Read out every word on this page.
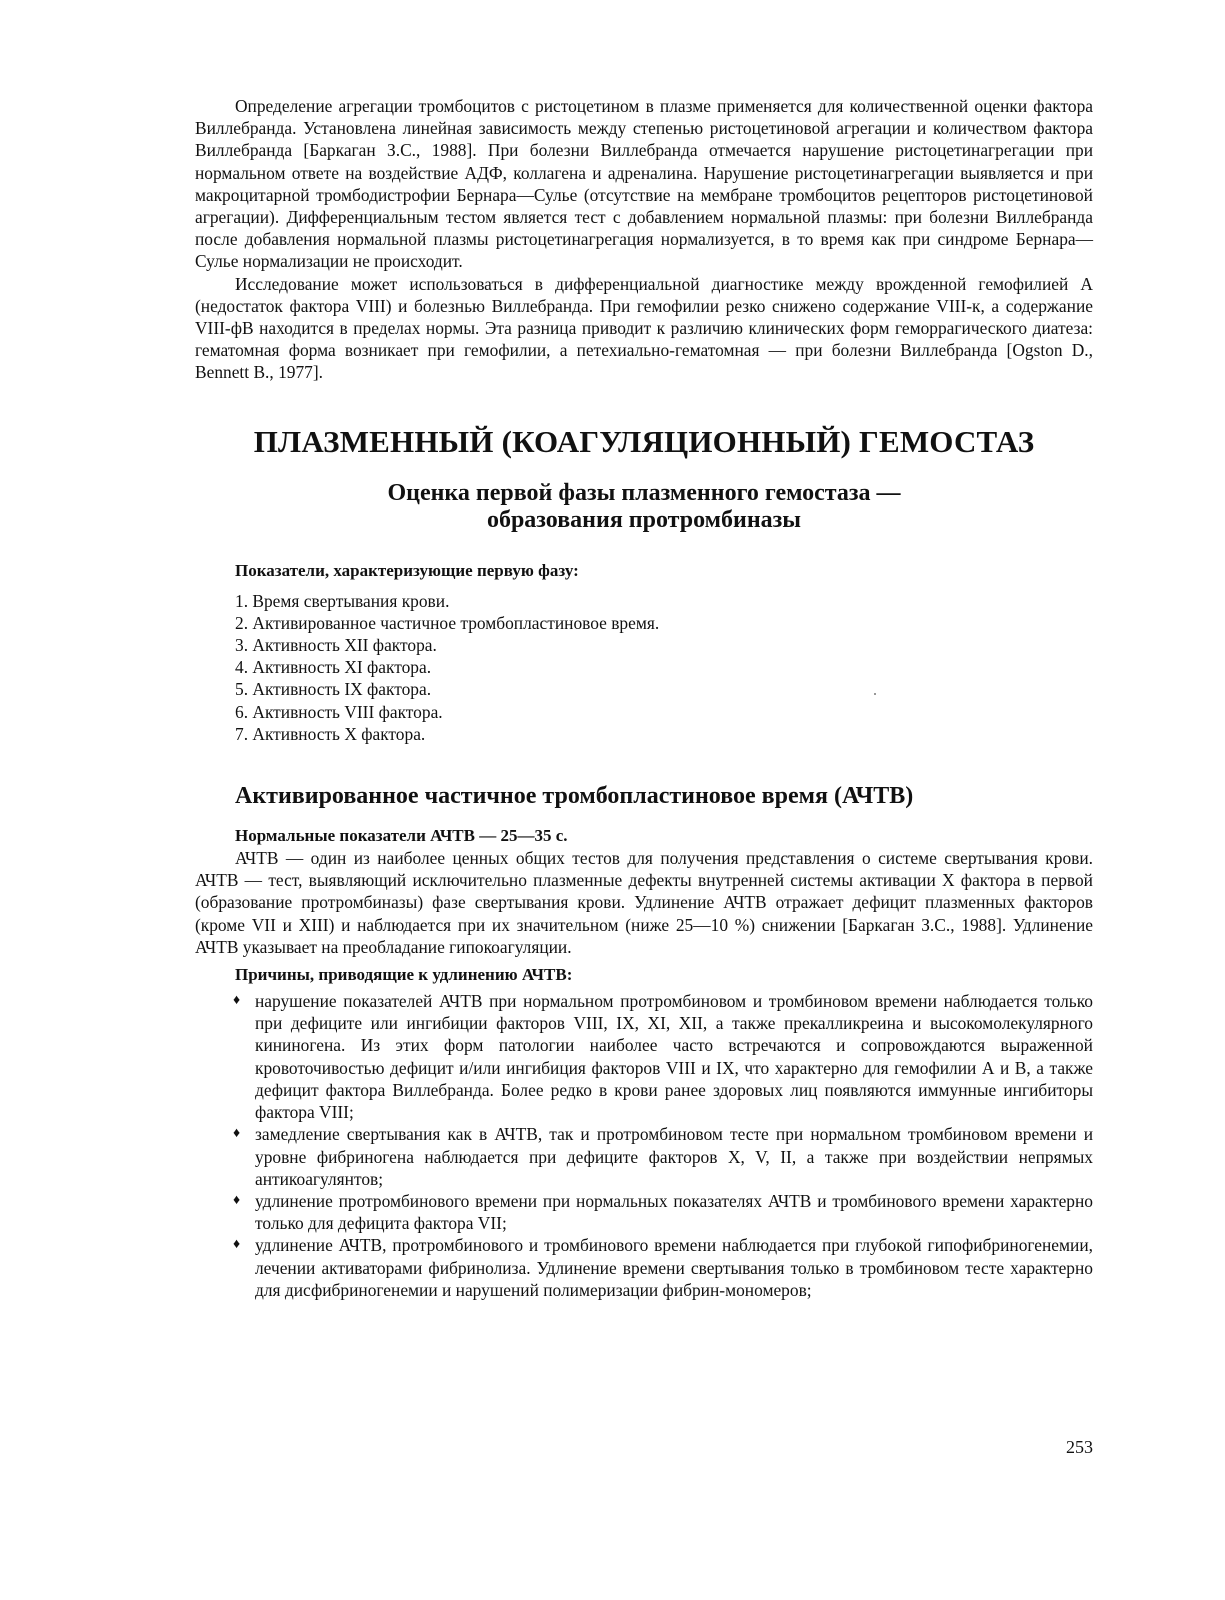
Определение агрегации тромбоцитов с ристоцетином в плазме применяется для количественной оценки фактора Виллебранда. Установлена линейная зависимость между степенью ристоцетиновой агрегации и количеством фактора Виллебранда [Баркаган З.С., 1988]. При болезни Виллебранда отмечается нарушение ристоцетинагрегации при нормальном ответе на воздействие АДФ, коллагена и адреналина. Нарушение ристоцетинагрегации выявляется и при макроцитарной тромбодистрофии Бернара—Сулье (отсутствие на мембране тромбоцитов рецепторов ристоцетиновой агрегации). Дифференциальным тестом является тест с добавлением нормальной плазмы: при болезни Виллебранда после добавления нормальной плазмы ристоцетинагрегация нормализуется, в то время как при синдроме Бернара—Сулье нормализации не происходит.

Исследование может использоваться в дифференциальной диагностике между врожденной гемофилией А (недостаток фактора VIII) и болезнью Виллебранда. При гемофилии резко снижено содержание VIII-к, а содержание VIII-фВ находится в пределах нормы. Эта разница приводит к различию клинических форм геморрагического диатеза: гематомная форма возникает при гемофилии, а петехиально-гематомная — при болезни Виллебранда [Ogston D., Bennett B., 1977].

ПЛАЗМЕННЫЙ (КОАГУЛЯЦИОННЫЙ) ГЕМОСТАЗ
Оценка первой фазы плазменного гемостаза —
образования протромбиназы
Показатели, характеризующие первую фазу:
1. Время свертывания крови.
2. Активированное частичное тромбопластиновое время.
3. Активность XII фактора.
4. Активность XI фактора.
5. Активность IX фактора.
6. Активность VIII фактора.
7. Активность X фактора.
Активированное частичное тромбопластиновое время (АЧТВ)
Нормальные показатели АЧТВ — 25—35 с.

АЧТВ — один из наиболее ценных общих тестов для получения представления о системе свертывания крови. АЧТВ — тест, выявляющий исключительно плазменные дефекты внутренней системы активации X фактора в первой (образование протромбиназы) фазе свертывания крови. Удлинение АЧТВ отражает дефицит плазменных факторов (кроме VII и XIII) и наблюдается при их значительном (ниже 25—10 %) снижении [Баркаган З.С., 1988]. Удлинение АЧТВ указывает на преобладание гипокоагуляции.

Причины, приводящие к удлинению АЧТВ:
♦ нарушение показателей АЧТВ при нормальном протромбиновом и тромбиновом времени наблюдается только при дефиците или ингибиции факторов VIII, IX, XI, XII, а также прекалликреина и высокомолекулярного кининогена. Из этих форм патологии наиболее часто встречаются и сопровождаются выраженной кровоточивостью дефицит и/или ингибиция факторов VIII и IX, что характерно для гемофилии А и В, а также дефицит фактора Виллебранда. Более редко в крови ранее здоровых лиц появляются иммунные ингибиторы фактора VIII;
♦ замедление свертывания как в АЧТВ, так и протромбиновом тесте при нормальном тромбиновом времени и уровне фибриногена наблюдается при дефиците факторов X, V, II, а также при воздействии непрямых антикоагулянтов;
♦ удлинение протромбинового времени при нормальных показателях АЧТВ и тромбинового времени характерно только для дефицита фактора VII;
♦ удлинение АЧТВ, протромбинового и тромбинового времени наблюдается при глубокой гипофибриногенемии, лечении активаторами фибринолиза. Удлинение времени свертывания только в тромбиновом тесте характерно для дисфибриногенемии и нарушений полимеризации фибрин-мономеров;
253
